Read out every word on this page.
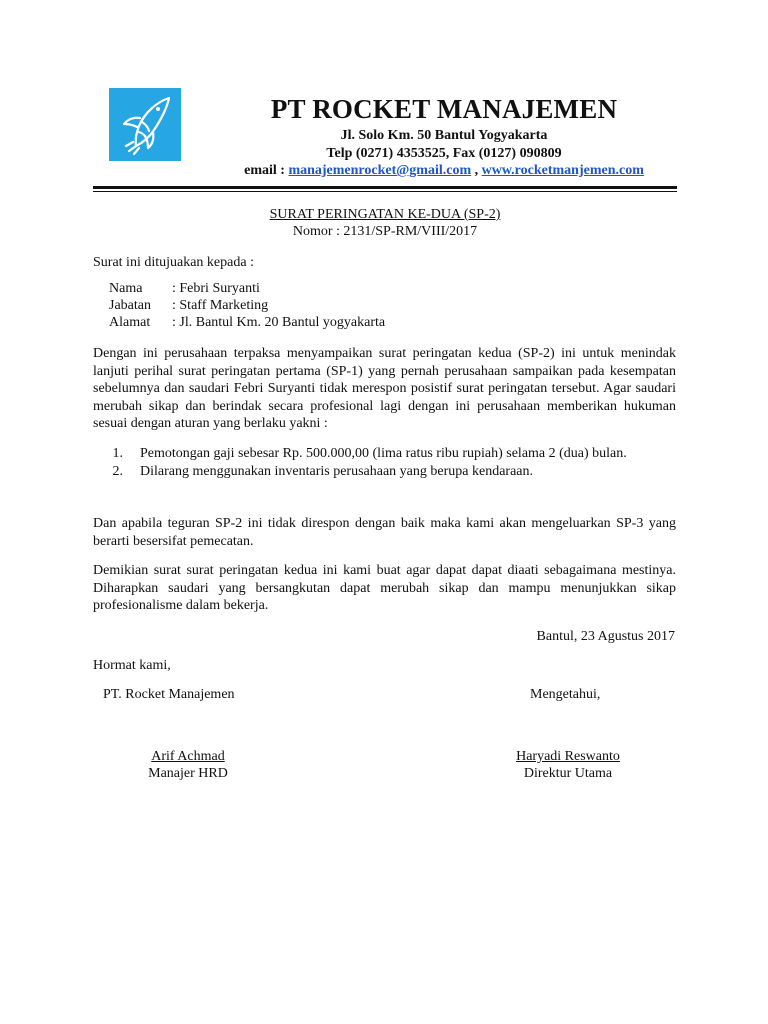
PT ROCKET MANAJEMEN
Jl. Solo Km. 50 Bantul Yogyakarta
Telp (0271) 4353525, Fax (0127) 090809
email : manajemenrocket@gmail.com , www.rocketmanjemen.com
SURAT PERINGATAN KE-DUA (SP-2)
Nomor : 2131/SP-RM/VIII/2017
Surat ini ditujuakan kepada :
Nama	: Febri Suryanti
Jabatan	: Staff Marketing
Alamat	: Jl. Bantul Km. 20 Bantul yogyakarta
Dengan ini perusahaan terpaksa menyampaikan surat peringatan kedua (SP-2) ini untuk menindak lanjuti perihal surat peringatan pertama (SP-1) yang pernah perusahaan sampaikan pada kesempatan sebelumnya dan saudari Febri Suryanti tidak merespon posistif surat peringatan tersebut. Agar saudari merubah sikap dan berindak secara profesional lagi dengan ini perusahaan memberikan hukuman sesuai dengan aturan yang berlaku yakni :
1.	Pemotongan gaji sebesar Rp. 500.000,00 (lima ratus ribu rupiah) selama 2 (dua) bulan.
2.	Dilarang menggunakan inventaris perusahaan yang berupa kendaraan.
Dan apabila teguran SP-2 ini tidak direspon dengan baik maka kami akan mengeluarkan SP-3 yang berarti besersifat pemecatan.
Demikian surat surat peringatan kedua ini kami buat agar dapat dapat diaati sebagaimana mestinya. Diharapkan saudari yang bersangkutan dapat merubah sikap dan mampu menunjukkan sikap profesionalisme dalam bekerja.
Bantul, 23 Agustus 2017
Hormat kami,
PT. Rocket Manajemen	Mengetahui,
Arif Achmad
Manajer HRD
Haryadi Reswanto
Direktur Utama
